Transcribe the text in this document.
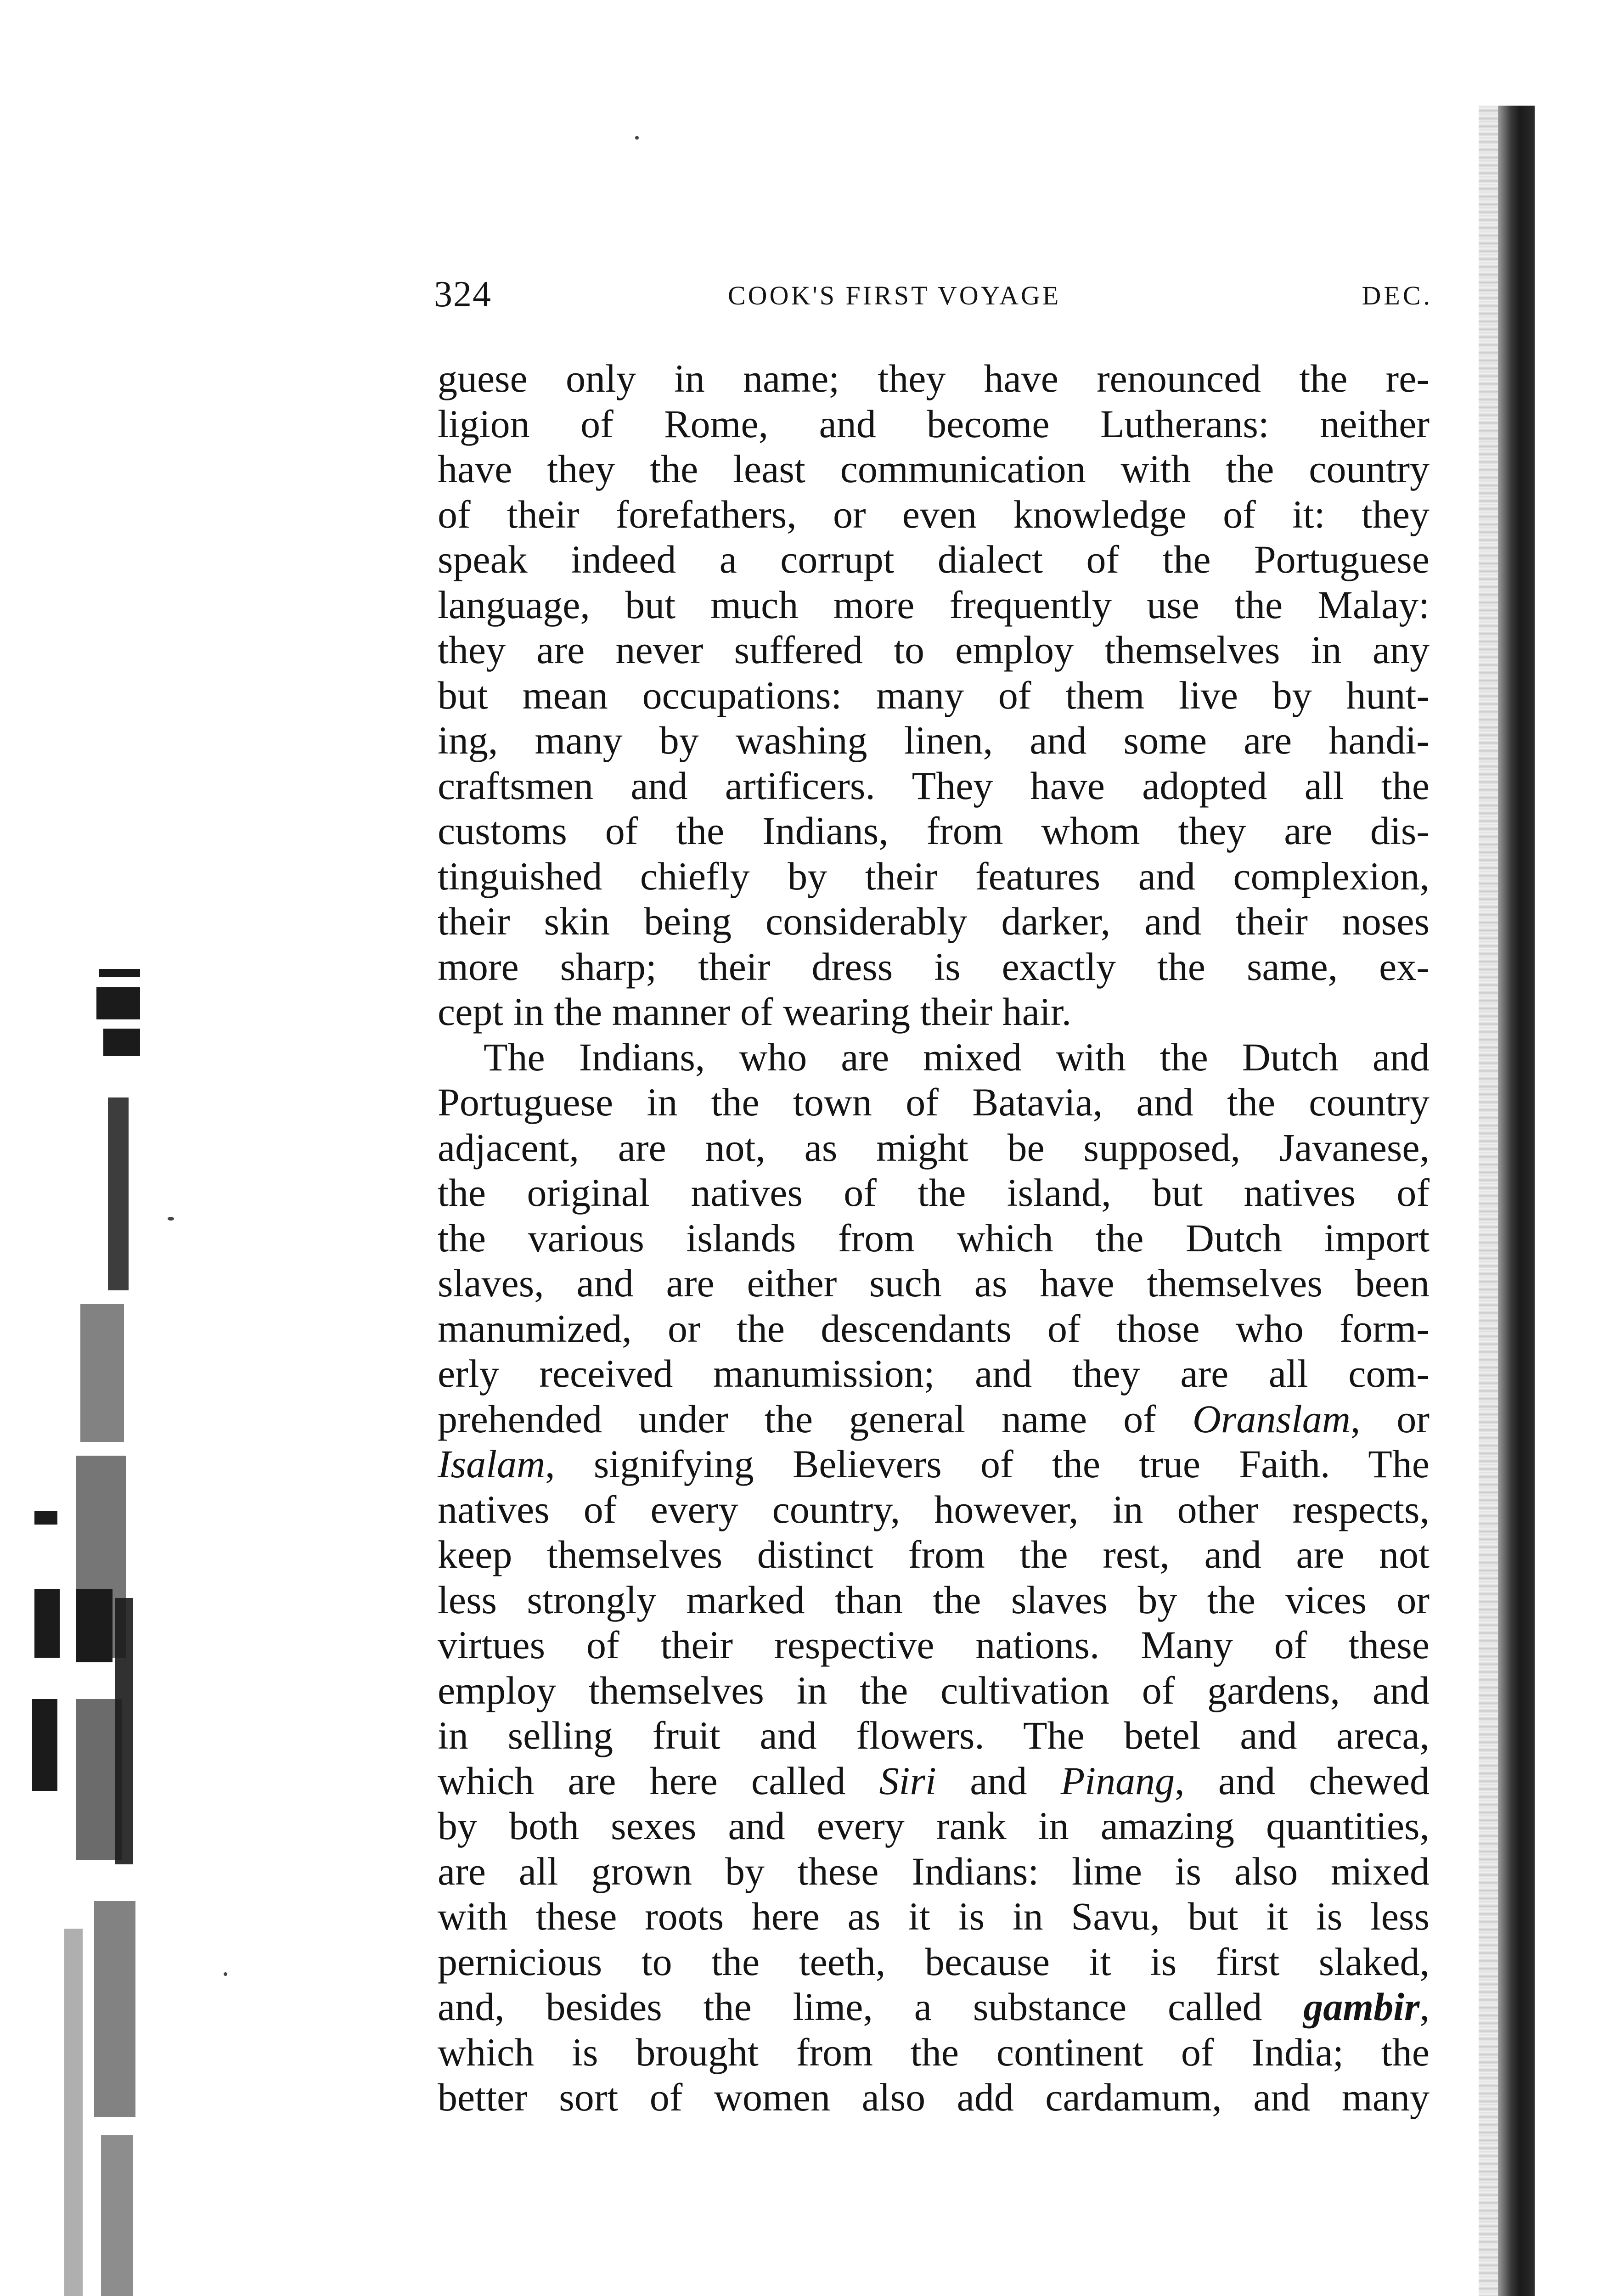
324	COOK'S FIRST VOYAGE	DEC.
guese only in name; they have renounced the re-
ligion of Rome, and become Lutherans: neither
have they the least communication with the country
of their forefathers, or even knowledge of it: they
speak indeed a corrupt dialect of the Portuguese
language, but much more frequently use the Malay:
they are never suffered to employ themselves in any
but mean occupations: many of them live by hunt-
ing, many by washing linen, and some are handi-
craftsmen and artificers. They have adopted all the
customs of the Indians, from whom they are dis-
tinguished chiefly by their features and complexion,
their skin being considerably darker, and their noses
more sharp; their dress is exactly the same, ex-
cept in the manner of wearing their hair.
The Indians, who are mixed with the Dutch and
Portuguese in the town of Batavia, and the country
adjacent, are not, as might be supposed, Javanese,
the original natives of the island, but natives of
the various islands from which the Dutch import
slaves, and are either such as have themselves been
manumized, or the descendants of those who form-
erly received manumission; and they are all com-
prehended under the general name of Oranslam, or
Isalam, signifying Believers of the true Faith. The
natives of every country, however, in other respects,
keep themselves distinct from the rest, and are not
less strongly marked than the slaves by the vices or
virtues of their respective nations. Many of these
employ themselves in the cultivation of gardens, and
in selling fruit and flowers. The betel and areca,
which are here called Siri and Pinang, and chewed
by both sexes and every rank in amazing quantities,
are all grown by these Indians: lime is also mixed
with these roots here as it is in Savu, but it is less
pernicious to the teeth, because it is first slaked,
and, besides the lime, a substance called gambir,
which is brought from the continent of India; the
better sort of women also add cardamum, and many
